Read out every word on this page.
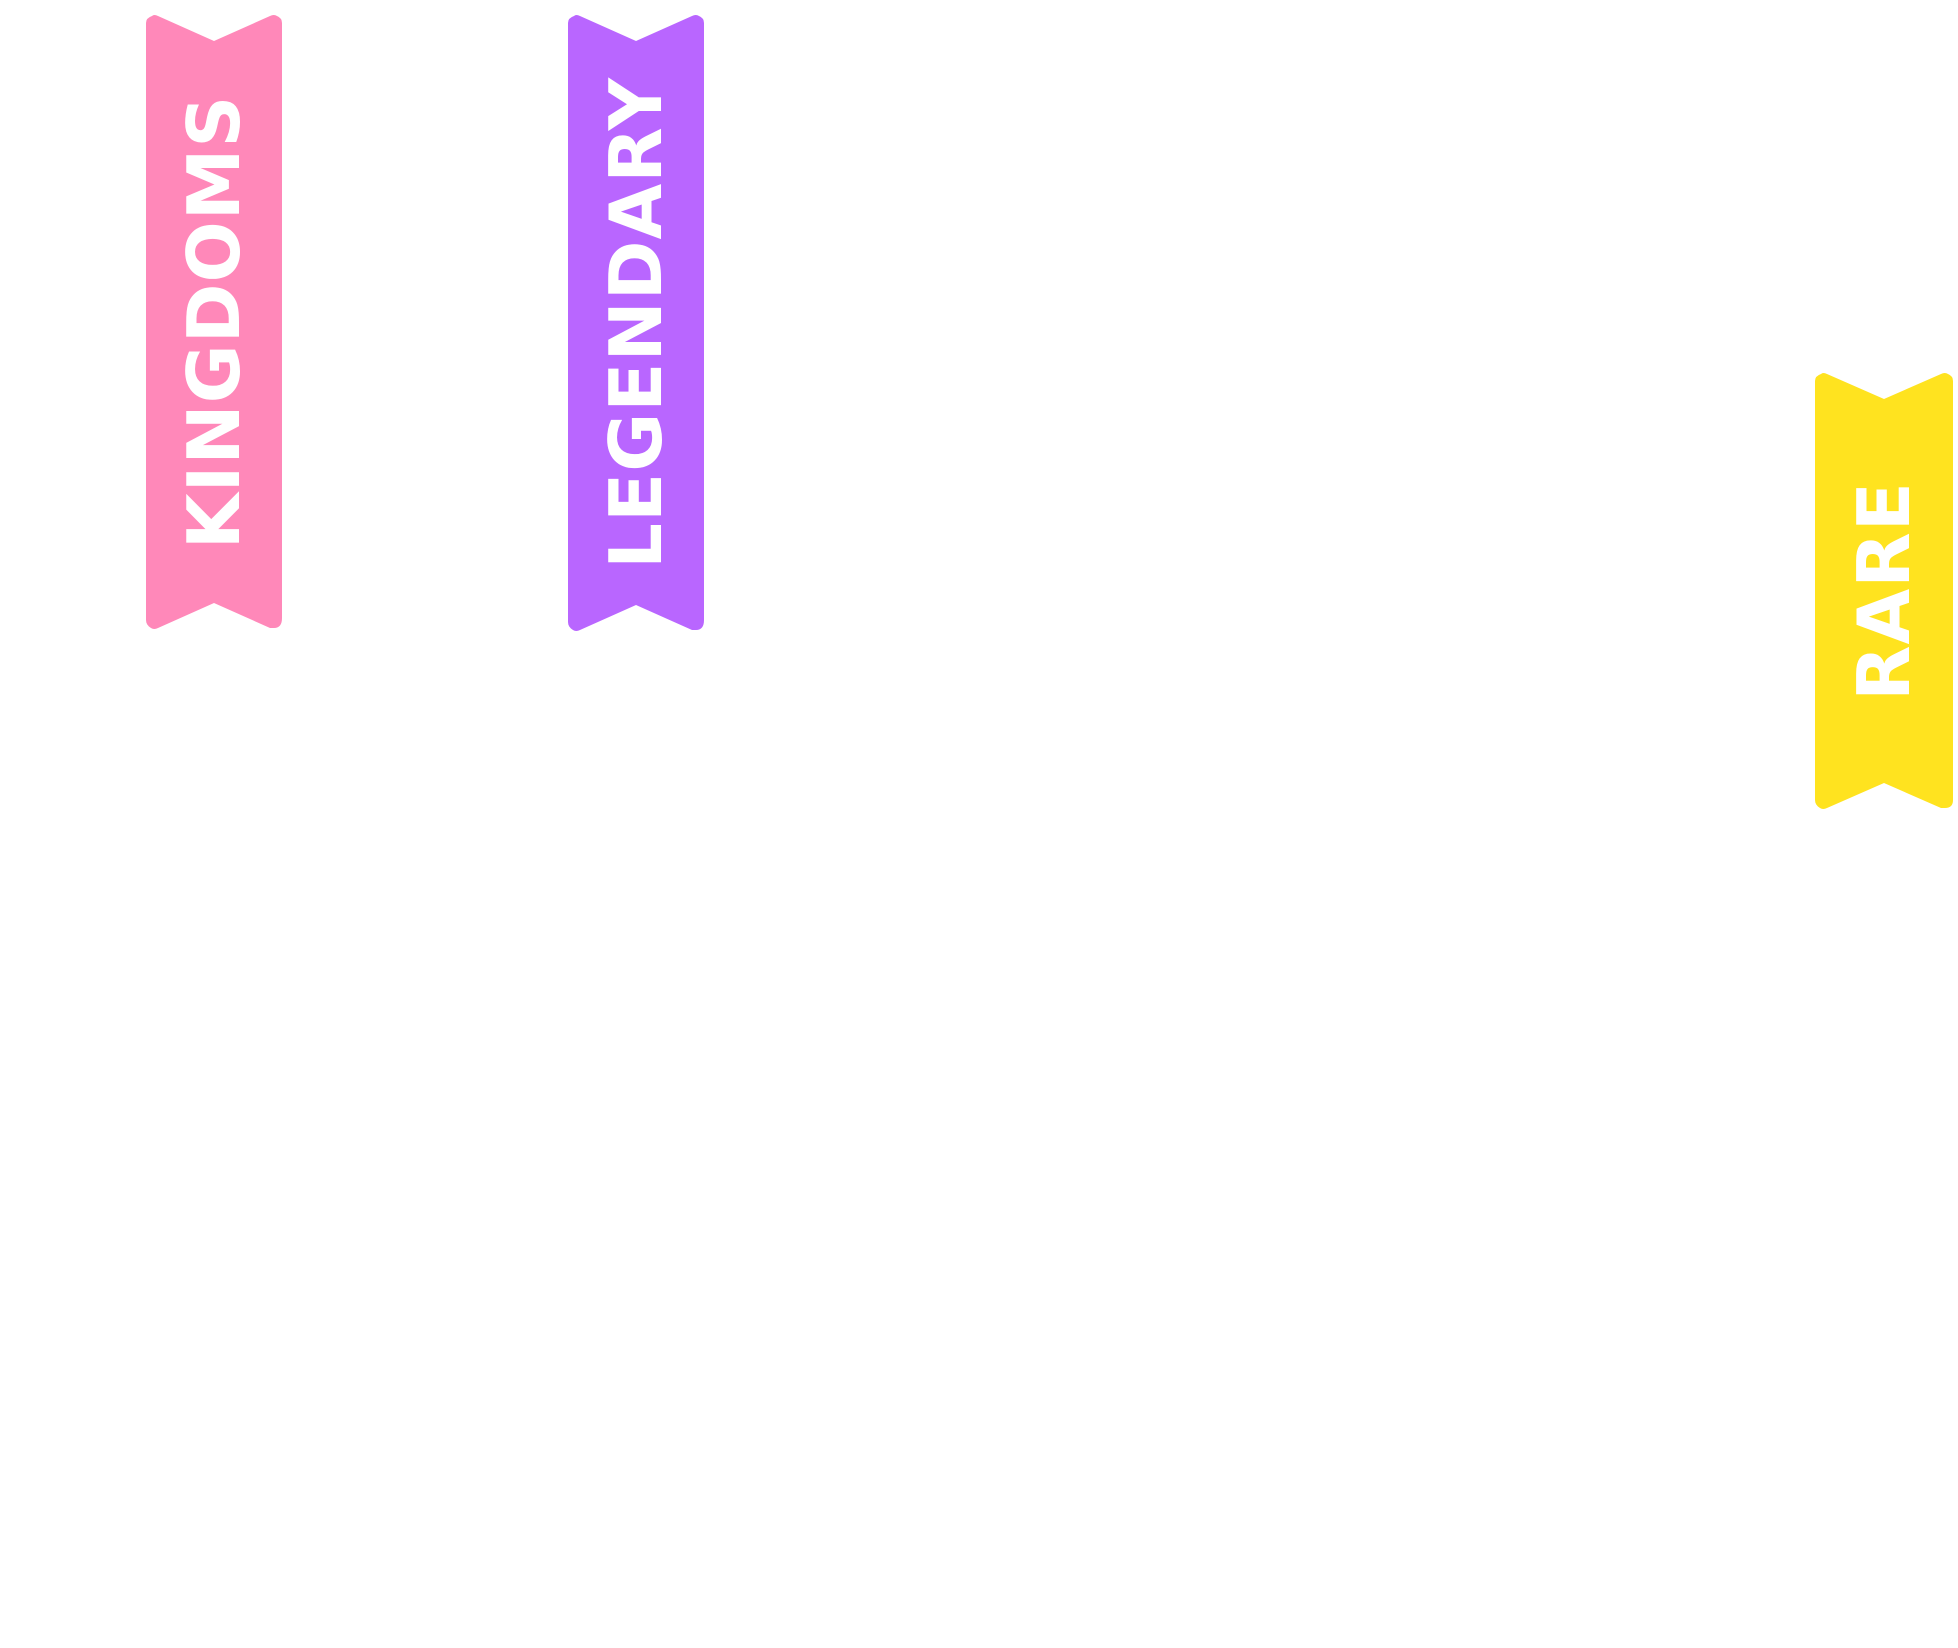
KINGDOMS	LEGENDARY
RARE
